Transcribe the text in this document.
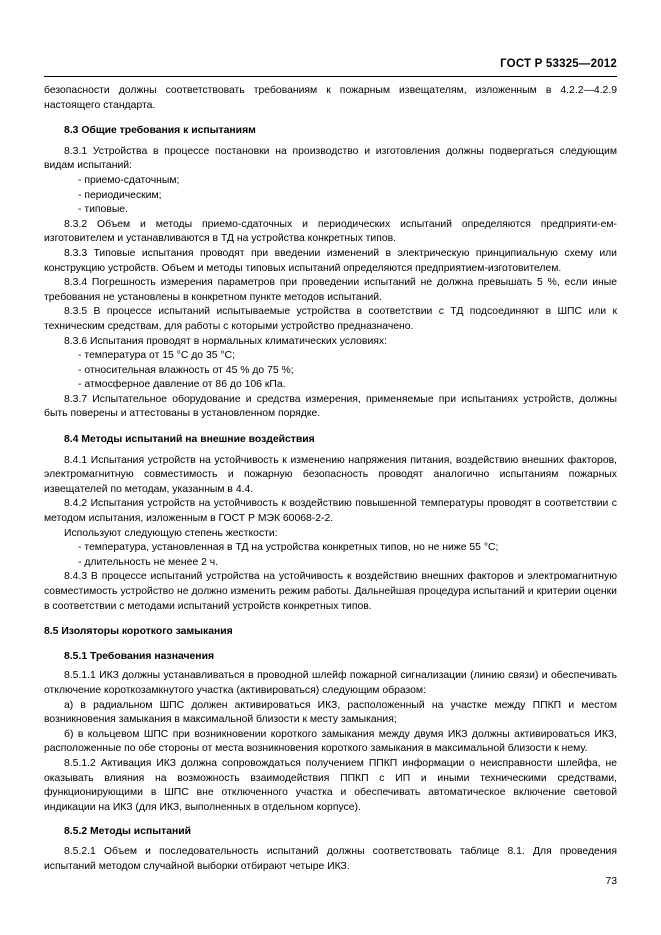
ГОСТ Р 53325—2012

безопасности должны соответствовать требованиям к пожарным извещателям, изложенным в 4.2.2—4.2.9 настоящего стандарта.

8.3 Общие требования к испытаниям

8.3.1 Устройства в процессе постановки на производство и изготовления должны подвергаться следующим видам испытаний:

- приемо-сдаточным;

- периодическим;

- типовые.

8.3.2 Объем и методы приемо-сдаточных и периодических испытаний определяются предприяти-ем-изготовителем и устанавливаются в ТД на устройства конкретных типов.

8.3.3 Типовые испытания проводят при введении изменений в электрическую принципиальную схему или конструкцию устройств. Объем и методы типовых испытаний определяются предприятием-изготовителем.

8.3.4 Погрешность измерения параметров при проведении испытаний не должна превышать 5 %, если иные требования не установлены в конкретном пункте методов испытаний.

8.3.5 В процессе испытаний испытываемые устройства в соответствии с ТД подсоединяют в ШПС или к техническим средствам, для работы с которыми устройство предназначено.

8.3.6 Испытания проводят в нормальных климатических условиях:

- температура от 15 °С до 35 °С;

- относительная влажность от 45 % до 75 %;

- атмосферное давление от 86 до 106 кПа.

8.3.7 Испытательное оборудование и средства измерения, применяемые при испытаниях устройств, должны быть поверены и аттестованы в установленном порядке.

8.4 Методы испытаний на внешние воздействия

8.4.1 Испытания устройств на устойчивость к изменению напряжения питания, воздействию внешних факторов, электромагнитную совместимость и пожарную безопасность проводят аналогично испытаниям пожарных извещателей по методам, указанным в 4.4.

8.4.2 Испытания устройств на устойчивость к воздействию повышенной температуры проводят в соответствии с методом испытания, изложенным в ГОСТ Р МЭК 60068-2-2.

Используют следующую степень жесткости:

- температура, установленная в ТД на устройства конкретных типов, но не ниже 55 °С;

- длительность не менее 2 ч.

8.4.3 В процессе испытаний устройства на устойчивость к воздействию внешних факторов и электромагнитную совместимость устройство не должно изменить режим работы. Дальнейшая процедура испытаний и критерии оценки в соответствии с методами испытаний устройств конкретных типов.

8.5 Изоляторы короткого замыкания
8.5.1 Требования назначения

8.5.1.1 ИКЗ должны устанавливаться в проводной шлейф пожарной сигнализации (линию связи) и обеспечивать отключение короткозамкнутого участка (активироваться) следующим образом:

а) в радиальном ШПС должен активироваться ИКЗ, расположенный на участке между ППКП и местом возникновения замыкания в максимальной близости к месту замыкания;

б) в кольцевом ШПС при возникновении короткого замыкания между двумя ИКЗ должны активироваться ИКЗ, расположенные по обе стороны от места возникновения короткого замыкания в максимальной близости к нему.

8.5.1.2 Активация ИКЗ должна сопровождаться получением ППКП информации о неисправности шлейфа, не оказывать влияния на возможность взаимодействия ППКП с ИП и иными техническими средствами, функционирующими в ШПС вне отключенного участка и обеспечивать автоматическое включение световой индикации на ИКЗ (для ИКЗ, выполненных в отдельном корпусе).

8.5.2 Методы испытаний

8.5.2.1 Объем и последовательность испытаний должны соответствовать таблице 8.1. Для проведения испытаний методом случайной выборки отбирают четыре ИКЗ.

73
